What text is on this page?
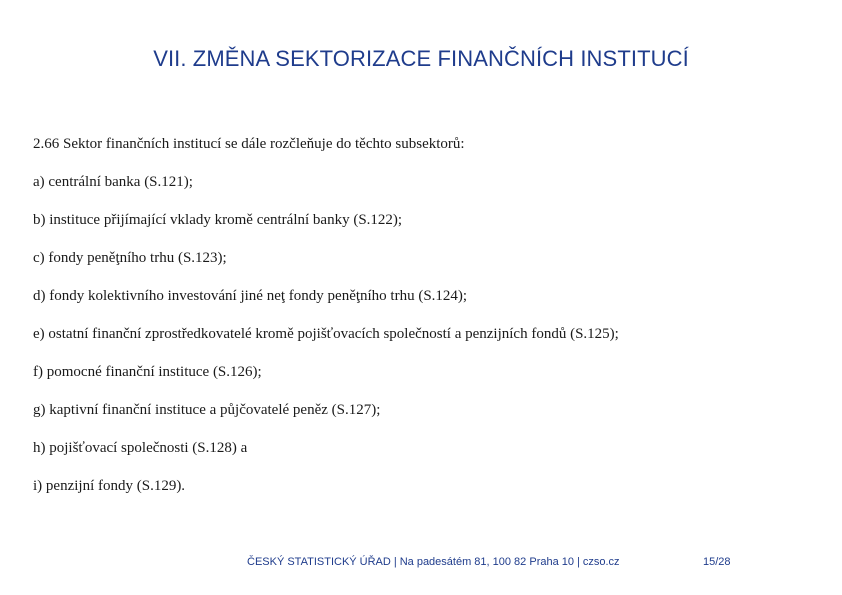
VII. ZMĚNA SEKTORIZACE FINANČNÍCH INSTITUCÍ
2.66 Sektor finančních institucí se dále rozčleňuje do těchto subsektorů:
a) centrální banka (S.121);
b) instituce přijímající vklady kromě centrální banky (S.122);
c) fondy peněţního trhu (S.123);
d) fondy kolektivního investování jiné neţ fondy peněţního trhu (S.124);
e) ostatní finanční zprostředkovatelé kromě pojišťovacích společností a penzijních fondů (S.125);
f) pomocné finanční instituce (S.126);
g) kaptivní finanční instituce a půjčovatelé peněz (S.127);
h) pojišťovací společnosti (S.128) a
i) penzijní fondy (S.129).
ČESKÝ STATISTICKÝ ÚŘAD | Na padesátém 81, 100 82 Praha 10 | czso.cz	15/28
